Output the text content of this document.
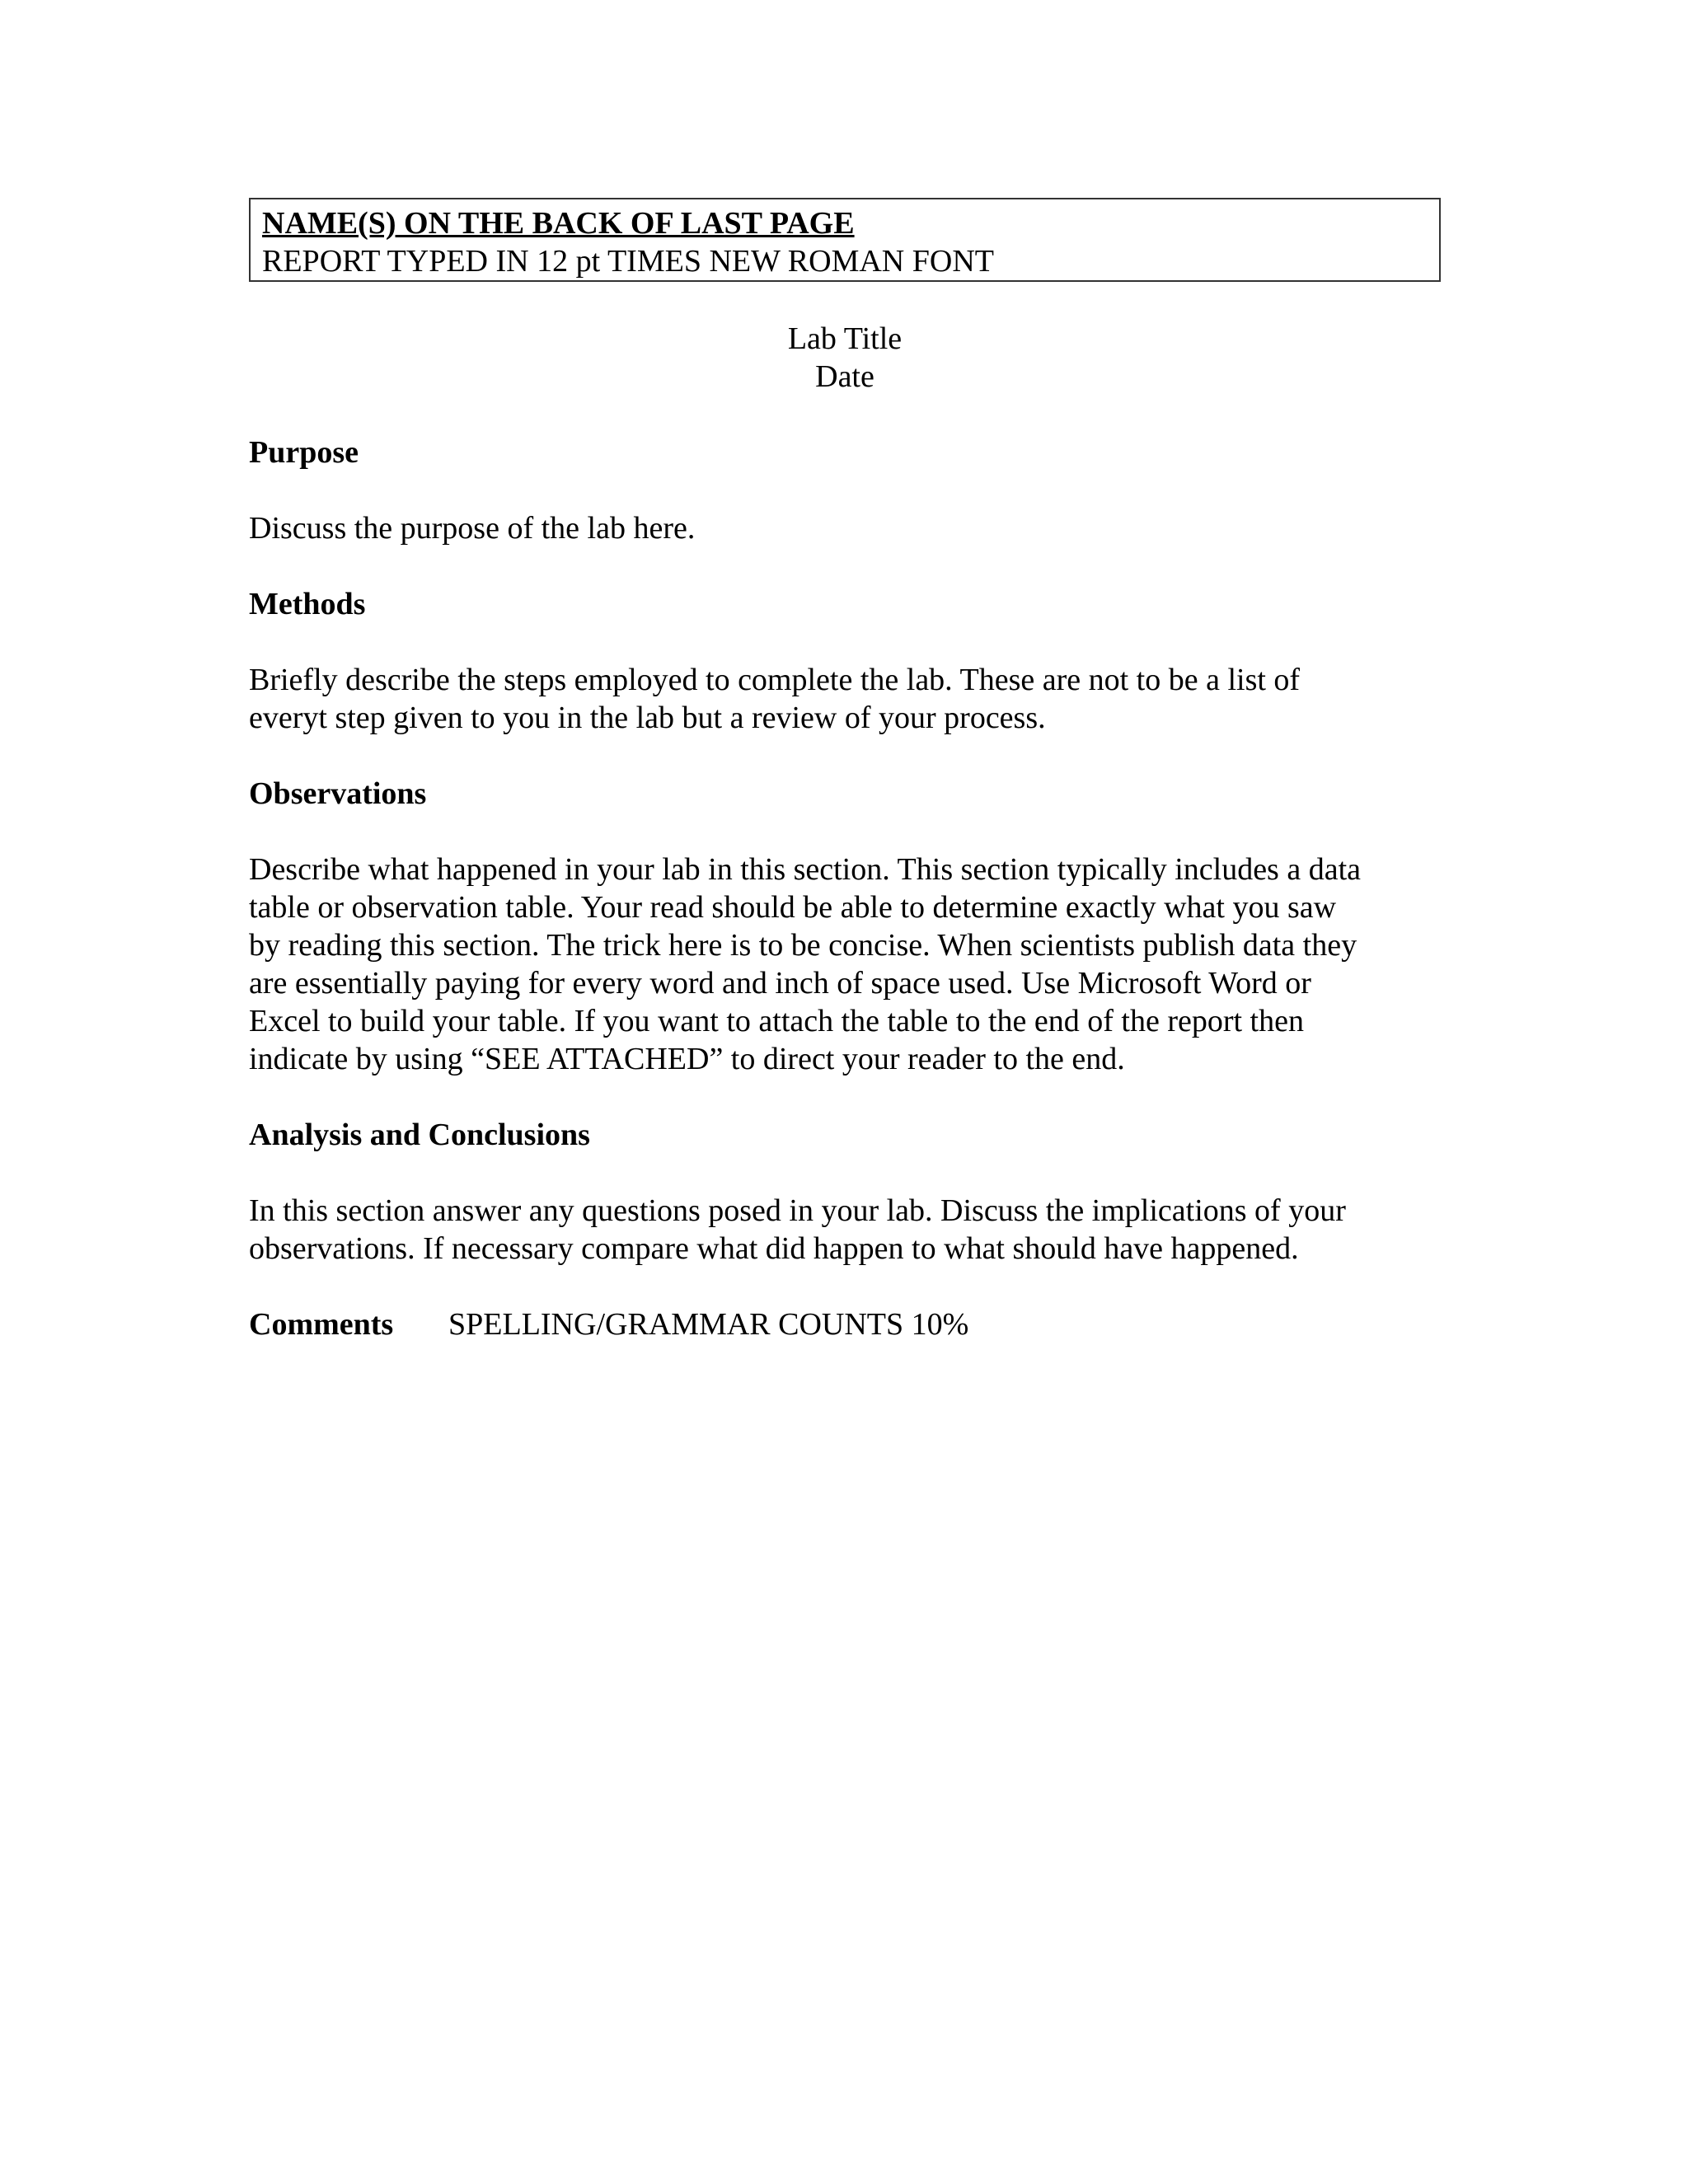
NAME(S) ON THE BACK OF LAST PAGE
REPORT TYPED IN 12 pt TIMES NEW ROMAN FONT
Lab Title
Date
Purpose

Discuss the purpose of the lab here.

Methods

Briefly describe the steps employed to complete the lab. These are not to be a list of

everyt step given to you in the lab but a review of your process.

Observations

Describe what happened in your lab in this section. This section typically includes a data

table or observation table. Your read should be able to determine exactly what you saw

by reading this section. The trick here is to be concise. When scientists publish data they

are essentially paying for every word and inch of space used. Use Microsoft Word or

Excel to build your table. If you want to attach the table to the end of the report then

indicate by using “SEE ATTACHED” to direct your reader to the end.

Analysis and Conclusions

In this section answer any questions posed in your lab. Discuss the implications of your

observations. If necessary compare what did happen to what should have happened.

Comments SPELLING/GRAMMAR COUNTS 10%
